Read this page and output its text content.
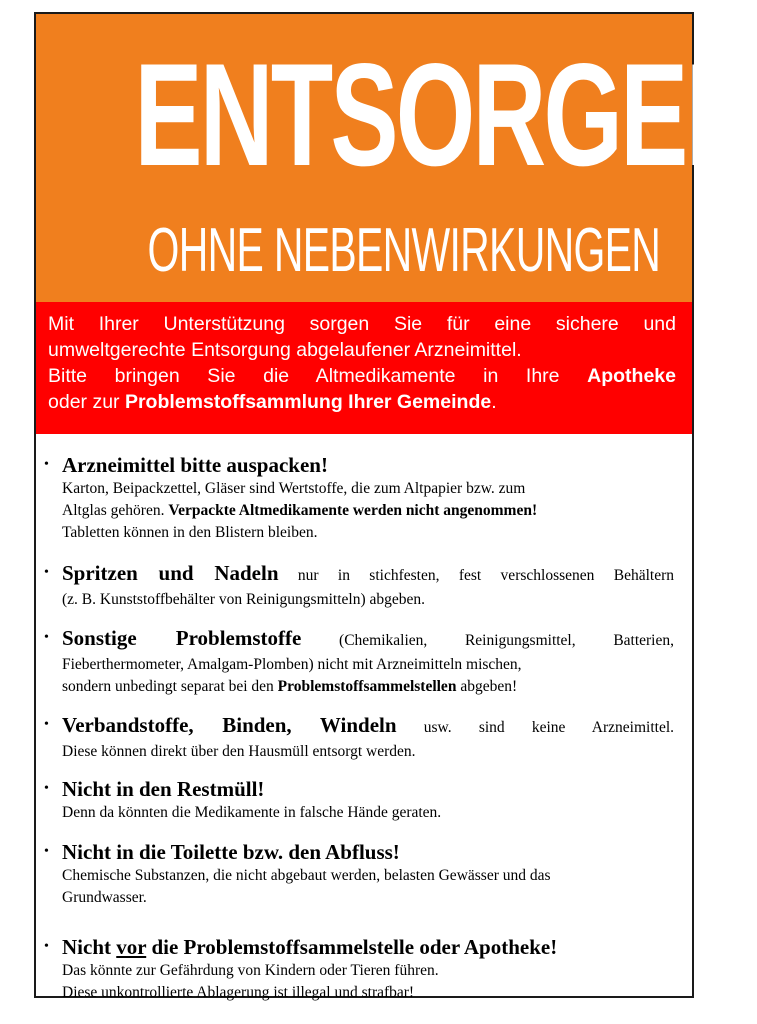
ENTSORGEN
OHNE NEBENWIRKUNGEN

Mit Ihrer Unterstützung sorgen Sie für eine sichere und

umweltgerechte Entsorgung abgelaufener Arzneimittel.

Bitte bringen Sie die Altmedikamente in Ihre Apotheke

oder zur Problemstoffsammlung Ihrer Gemeinde.

• Arzneimittel bitte auspacken!
Karton, Beipackzettel, Gläser sind Wertstoffe, die zum Altpapier bzw. zum
Altglas gehören. Verpackte Altmedikamente werden nicht angenommen!
Tabletten können in den Blistern bleiben.
• Spritzen und Nadeln nur in stichfesten, fest verschlossenen Behältern
(z. B. Kunststoffbehälter von Reinigungsmitteln) abgeben.
• Sonstige Problemstoffe (Chemikalien, Reinigungsmittel, Batterien,
Fieberthermometer, Amalgam-Plomben) nicht mit Arzneimitteln mischen,
sondern unbedingt separat bei den Problemstoffsammelstellen abgeben!
• Verbandstoffe, Binden, Windeln usw. sind keine Arzneimittel.
Diese können direkt über den Hausmüll entsorgt werden.
• Nicht in den Restmüll!
Denn da könnten die Medikamente in falsche Hände geraten.
• Nicht in die Toilette bzw. den Abfluss!
Chemische Substanzen, die nicht abgebaut werden, belasten Gewässer und das
Grundwasser.
• Nicht vor die Problemstoffsammelstelle oder Apotheke!
Das könnte zur Gefährdung von Kindern oder Tieren führen.
Diese unkontrollierte Ablagerung ist illegal und strafbar!
